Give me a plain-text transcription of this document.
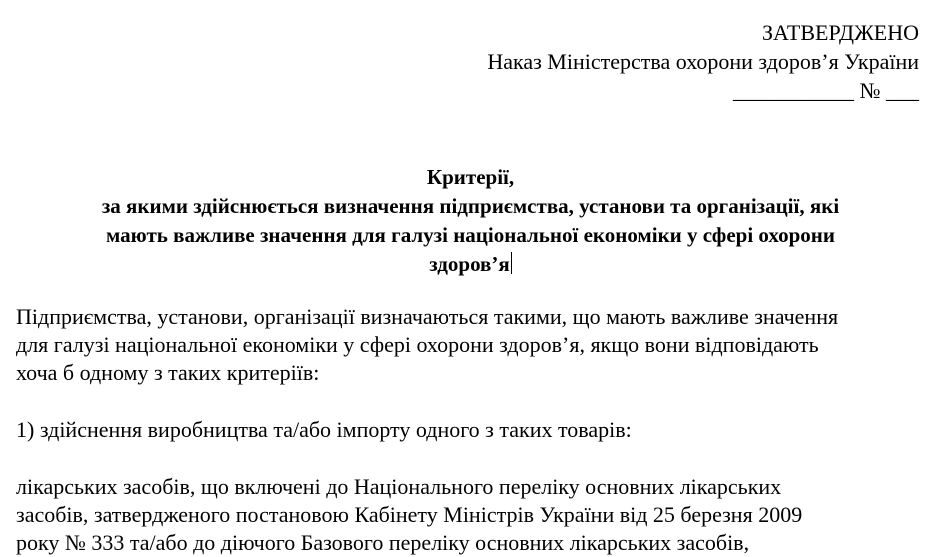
ЗАТВЕРДЖЕНО
Наказ Міністерства охорони здоров’я України
___________ № ___
Критерії,
за якими здійснюється визначення підприємства, установи та організації, які
мають важливе значення для галузі національної економіки у сфері охорони
здоров’я
Підприємства, установи, організації визначаються такими, що мають важливе значення
для галузі національної економіки у сфері охорони здоров’я, якщо вони відповідають
хоча б одному з таких критеріїв:
1) здійснення виробництва та/або імпорту одного з таких товарів:
лікарських засобів, що включені до Національного переліку основних лікарських
засобів, затвердженого постановою Кабінету Міністрів України від 25 березня 2009
року № 333 та/або до діючого Базового переліку основних лікарських засобів,
